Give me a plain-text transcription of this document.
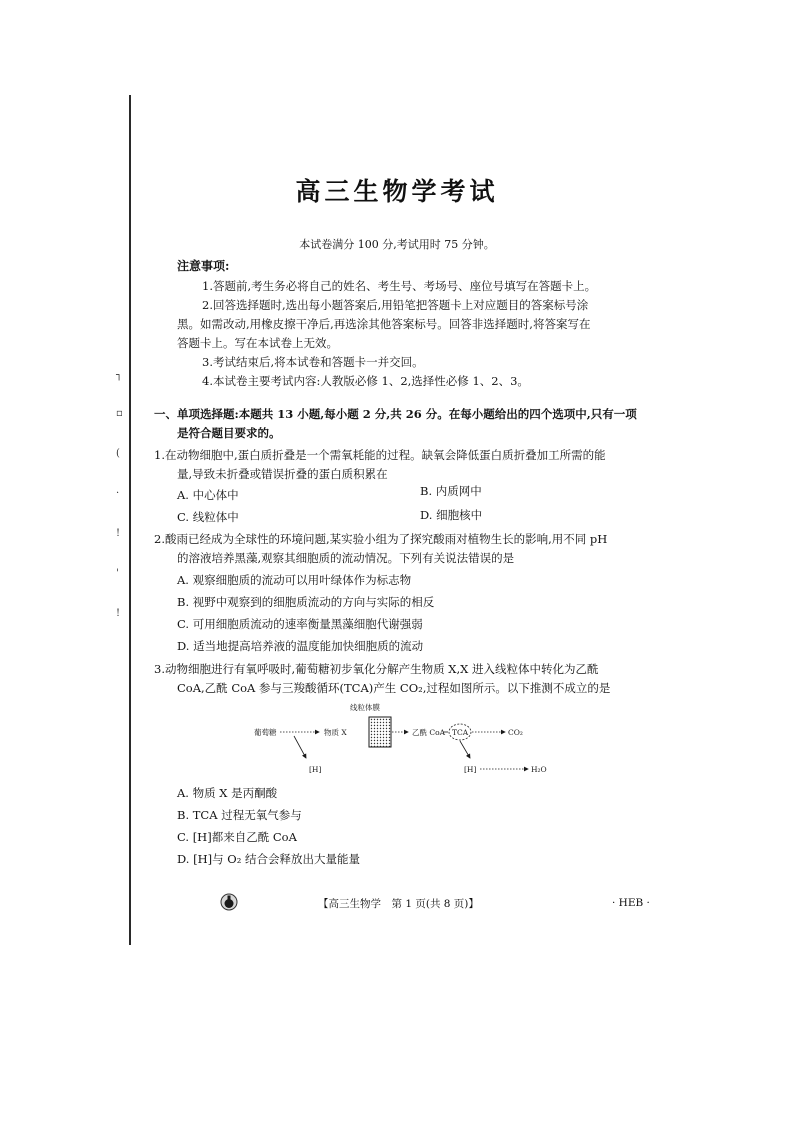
┐
▫
(
·
!
'
!
高三生物学考试
本试卷满分 100 分,考试用时 75 分钟。
注意事项:
1.答题前,考生务必将自己的姓名、考生号、考场号、座位号填写在答题卡上。
2.回答选择题时,选出每小题答案后,用铅笔把答题卡上对应题目的答案标号涂
黑。如需改动,用橡皮擦干净后,再选涂其他答案标号。回答非选择题时,将答案写在
答题卡上。写在本试卷上无效。
3.考试结束后,将本试卷和答题卡一并交回。
4.本试卷主要考试内容:人教版必修 1、2,选择性必修 1、2、3。
一、单项选择题:本题共 13 小题,每小题 2 分,共 26 分。在每小题给出的四个选项中,只有一项
是符合题目要求的。
1.在动物细胞中,蛋白质折叠是一个需氧耗能的过程。缺氧会降低蛋白质折叠加工所需的能
量,导致未折叠或错误折叠的蛋白质积累在
A. 中心体中	B. 内质网中
C. 线粒体中	D. 细胞核中
2.酸雨已经成为全球性的环境问题,某实验小组为了探究酸雨对植物生长的影响,用不同 pH
的溶液培养黑藻,观察其细胞质的流动情况。下列有关说法错误的是
A. 观察细胞质的流动可以用叶绿体作为标志物
B. 视野中观察到的细胞质流动的方向与实际的相反
C. 可用细胞质流动的速率衡量黑藻细胞代谢强弱
D. 适当地提高培养液的温度能加快细胞质的流动
3.动物细胞进行有氧呼吸时,葡萄糖初步氧化分解产生物质 X,X 进入线粒体中转化为乙酰
CoA,乙酰 CoA 参与三羧酸循环(TCA)产生 CO₂,过程如图所示。以下推测不成立的是
线粒体膜
葡萄糖	物质 X	乙酰 CoA TCA	CO₂
[H]	[H]	H₂O
A. 物质 X 是丙酮酸
B. TCA 过程无氧气参与
C. [H]都来自乙酰 CoA
D. [H]与 O₂ 结合会释放出大量能量
【高三生物学　第 1 页(共 8 页)】	· HEB ·
